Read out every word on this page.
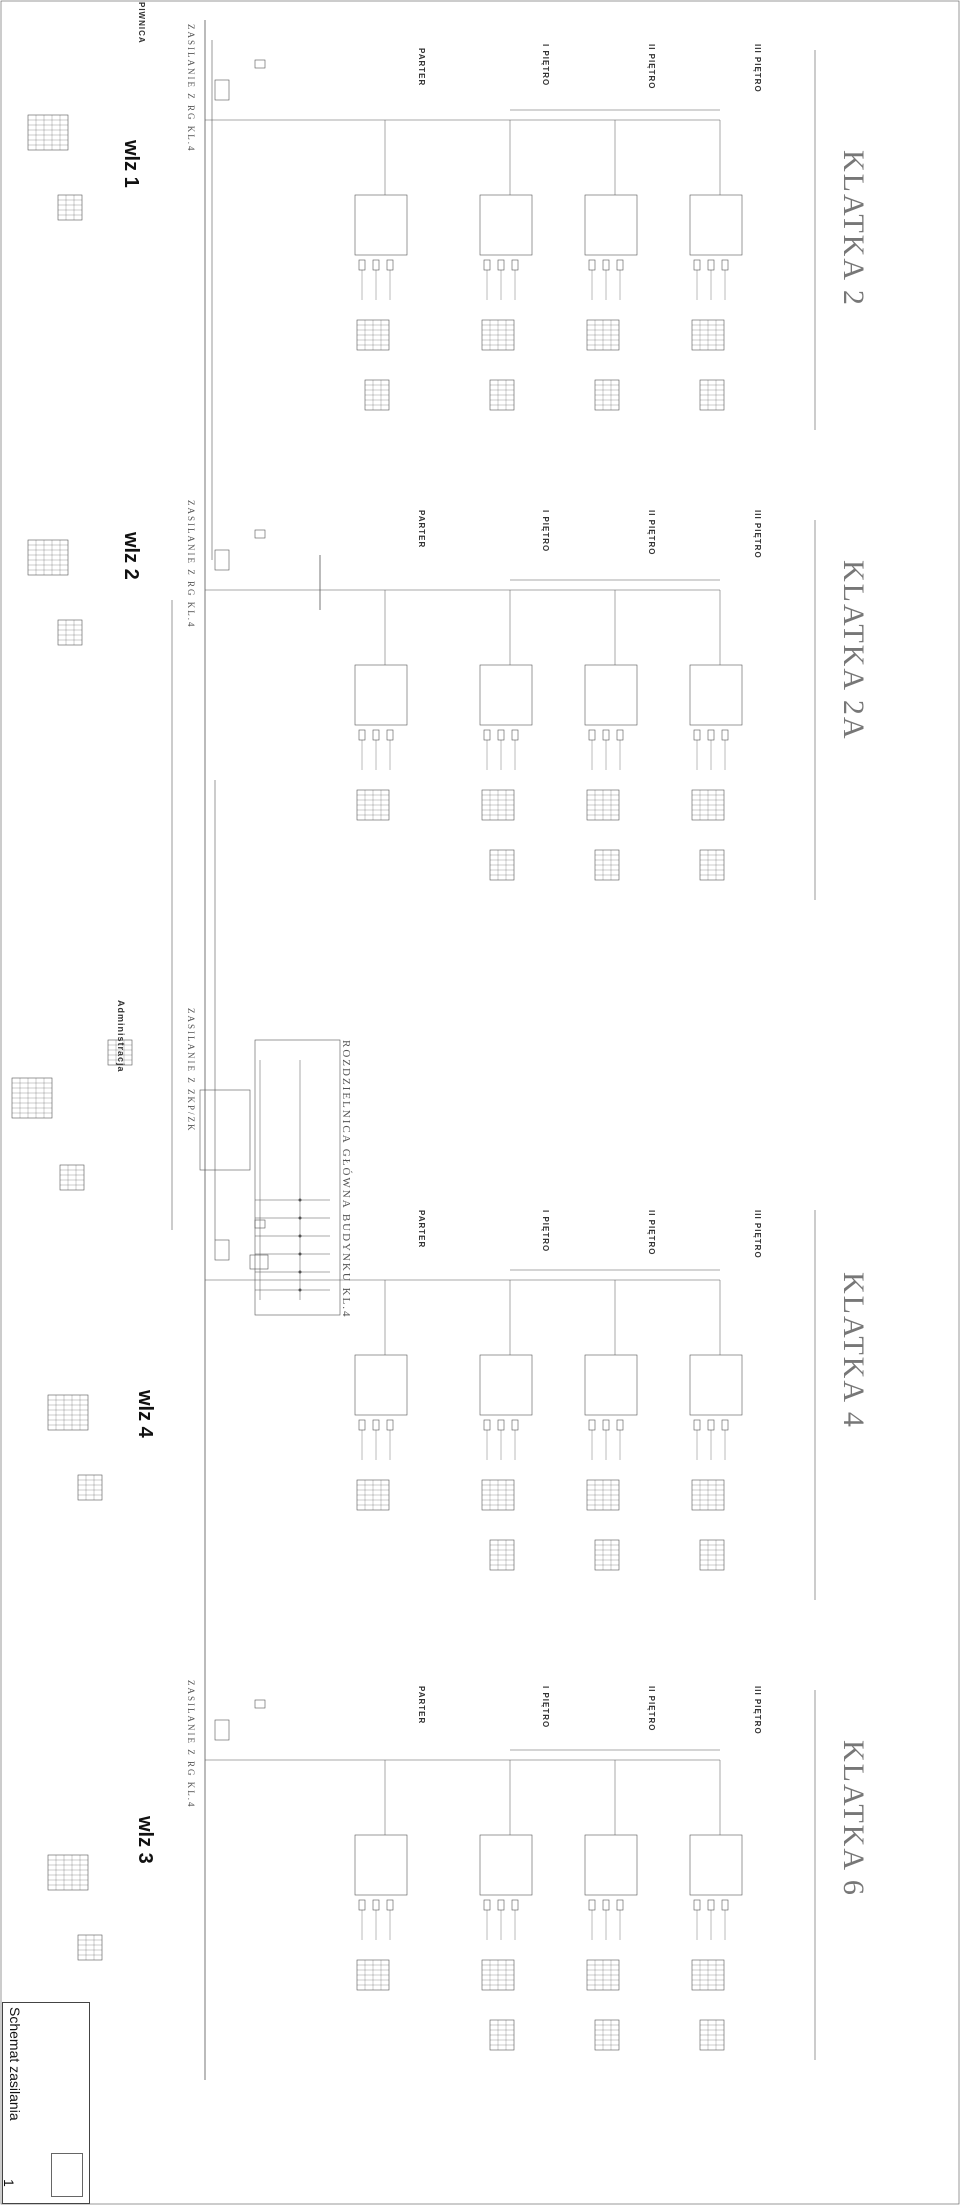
PIWNICA
wlz 1
wlz 2
wlz 4
wlz 3
Administracja
ROZDZIELNICA GŁÓWNA BUDYNKU KL.4
KLATKA 2
ZASILANIE Z RG KL.4	PARTER	I PIĘTRO	II PIĘTRO	III PIĘTRO
KLATKA 2A
ZASILANIE Z RG KL.4	PARTER	I PIĘTRO	II PIĘTRO	III PIĘTRO
KLATKA 4
ZASILANIE Z ZKP/ZK
PARTER	I PIĘTRO	II PIĘTRO	III PIĘTRO
KLATKA 6
ZASILANIE Z RG KL.4	PARTER	I PIĘTRO	II PIĘTRO	III PIĘTRO
Schemat zasilania
1
